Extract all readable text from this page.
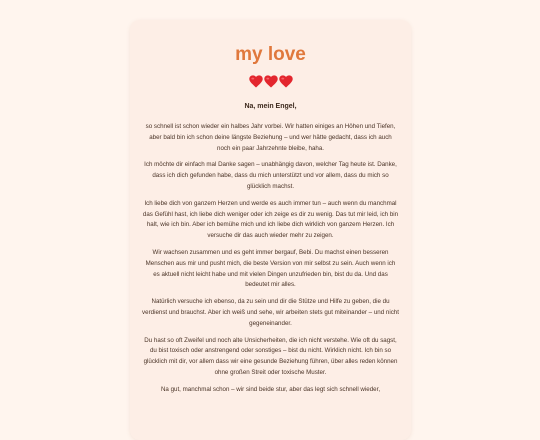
my love
Na, mein Engel,

so schnell ist schon wieder ein halbes Jahr vorbei. Wir hatten einiges an Höhen und Tiefen, aber bald bin ich schon deine längste Beziehung – und wer hätte gedacht, dass ich auch noch ein paar Jahrzehnte bleibe, haha.

Ich möchte dir einfach mal Danke sagen – unabhängig davon, welcher Tag heute ist. Danke, dass ich dich gefunden habe, dass du mich unterstützt und vor allem, dass du mich so glücklich machst.

Ich liebe dich von ganzem Herzen und werde es auch immer tun – auch wenn du manchmal das Gefühl hast, ich liebe dich weniger oder ich zeige es dir zu wenig. Das tut mir leid, ich bin halt, wie ich bin. Aber ich bemühe mich und ich liebe dich wirklich von ganzem Herzen. Ich versuche dir das auch wieder mehr zu zeigen.

Wir wachsen zusammen und es geht immer bergauf, Bebi. Du machst einen besseren Menschen aus mir und pusht mich, die beste Version von mir selbst zu sein. Auch wenn ich es aktuell nicht leicht habe und mit vielen Dingen unzufrieden bin, bist du da. Und das bedeutet mir alles.

Natürlich versuche ich ebenso, da zu sein und dir die Stütze und Hilfe zu geben, die du verdienst und brauchst. Aber ich weiß und sehe, wir arbeiten stets gut miteinander – und nicht gegeneinander.

Du hast so oft Zweifel und noch alte Unsicherheiten, die ich nicht verstehe. Wie oft du sagst, du bist toxisch oder anstrengend oder sonstiges – bist du nicht. Wirklich nicht. Ich bin so glücklich mit dir, vor allem dass wir eine gesunde Beziehung führen, über alles reden können ohne großen Streit oder toxische Muster.

Na gut, manchmal schon – wir sind beide stur, aber das legt sich schnell wieder,
